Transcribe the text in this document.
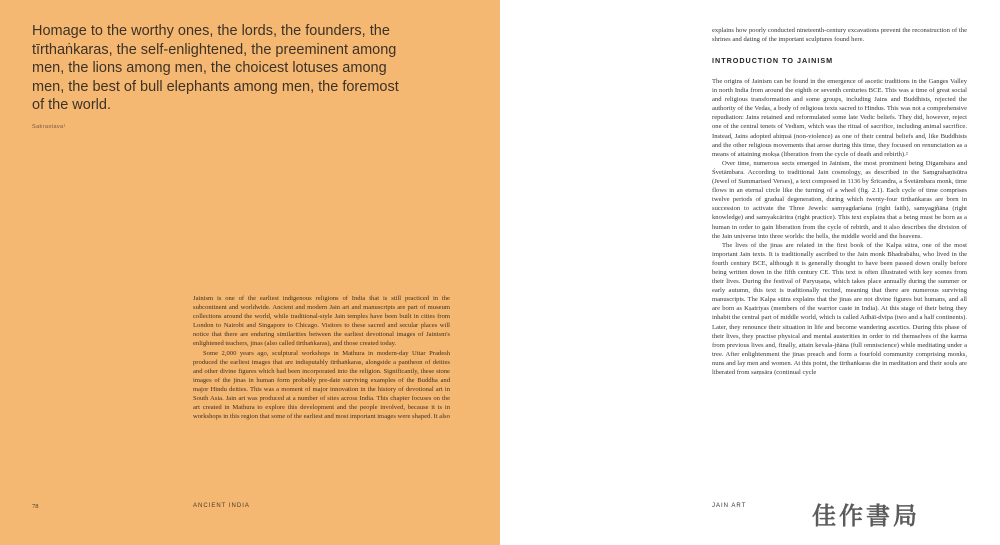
Homage to the worthy ones, the lords, the founders, the tīrthaṅkaras, the self-enlightened, the preeminent among men, the lions among men, the choicest lotuses among men, the best of bull elephants among men, the foremost of the world.

Sakrastava¹

Jainism is one of the earliest indigenous religions of India that is still practiced in the subcontinent and worldwide. Ancient and modern Jain art and manuscripts are part of museum collections around the world, while traditional-style Jain temples have been built in cities from London to Nairobi and Singapore to Chicago. Visitors to these sacred and secular places will notice that there are enduring similarities between the earliest devotional images of Jainism's enlightened teachers, jinas (also called tīrthaṅkaras), and those created today.

Some 2,000 years ago, sculptural workshops in Mathura in modern-day Uttar Pradesh produced the earliest images that are indisputably tīrthaṅkaras, alongside a pantheon of deities and other divine figures which had been incorporated into the religion. Significantly, these stone images of the jinas in human form probably pre-date surviving examples of the Buddha and major Hindu deities. This was a moment of major innovation in the history of devotional art in South Asia. Jain art was produced at a number of sites across India. This chapter focuses on the art created in Mathura to explore this development and the people involved, because it is in workshops in this region that some of the earliest and most important images were shaped. It also

78	ANCIENT INDIA

explains how poorly conducted nineteenth-century excavations prevent the reconstruction of the shrines and dating of the important sculptures found here.

INTRODUCTION TO JAINISM

The origins of Jainism can be found in the emergence of ascetic traditions in the Ganges Valley in north India from around the eighth or seventh centuries BCE. This was a time of great social and religious transformation and some groups, including Jains and Buddhists, rejected the authority of the Vedas, a body of religious texts sacred to Hindus. This was not a comprehensive repudiation: Jains retained and reformulated some late Vedic beliefs. They did, however, reject one of the central tenets of Vedism, which was the ritual of sacrifice, including animal sacrifice. Instead, Jains adopted ahiṃsā (non-violence) as one of their central beliefs and, like Buddhists and the other religious movements that arose during this time, they focused on renunciation as a means of attaining mokṣa (liberation from the cycle of death and rebirth).²

Over time, numerous sects emerged in Jainism, the most prominent being Digambara and Śvetāmbara. According to traditional Jain cosmology, as described in the Saṃgrahaṇīsūtra (Jewel of Summarised Verses), a text composed in 1136 by Śrīcandra, a Śvetāmbara monk, time flows in an eternal circle like the turning of a wheel (fig. 2.1). Each cycle of time comprises twelve periods of gradual degeneration, during which twenty-four tīrthaṅkaras are born in succession to activate the Three Jewels: samyagdarśana (right faith), samyagjñāna (right knowledge) and samyakcāritra (right practice). This text explains that a being must be born as a human in order to gain liberation from the cycle of rebirth, and it also describes the division of the Jain universe into three worlds: the hells, the middle world and the heavens.

The lives of the jinas are related in the first book of the Kalpa sūtra, one of the most important Jain texts. It is traditionally ascribed to the Jain monk Bhadrabāhu, who lived in the fourth century BCE, although it is generally thought to have been passed down orally before being written down in the fifth century CE. This text is often illustrated with key scenes from their lives. During the festival of Paryuṣaṇa, which takes place annually during the summer or early autumn, this text is traditionally recited, meaning that there are numerous surviving manuscripts. The Kalpa sūtra explains that the jinas are not divine figures but humans, and all are born as Kṣatriyas (members of the warrior caste in India). At this stage of their being they inhabit the central part of middle world, which is called Adhāī-dvīpa (two and a half continents). Later, they renounce their situation in life and become wandering ascetics. During this phase of their lives, they practise physical and mental austerities in order to rid themselves of the karma from previous lives and, finally, attain kevala-jñāna (full omniscience) while meditating under a tree. After enlightenment the jinas preach and form a fourfold community comprising monks, nuns and lay men and women. At this point, the tīrthaṅkaras die in meditation and their souls are liberated from saṃsāra (continual cycle

JAIN ART	佳作書局
